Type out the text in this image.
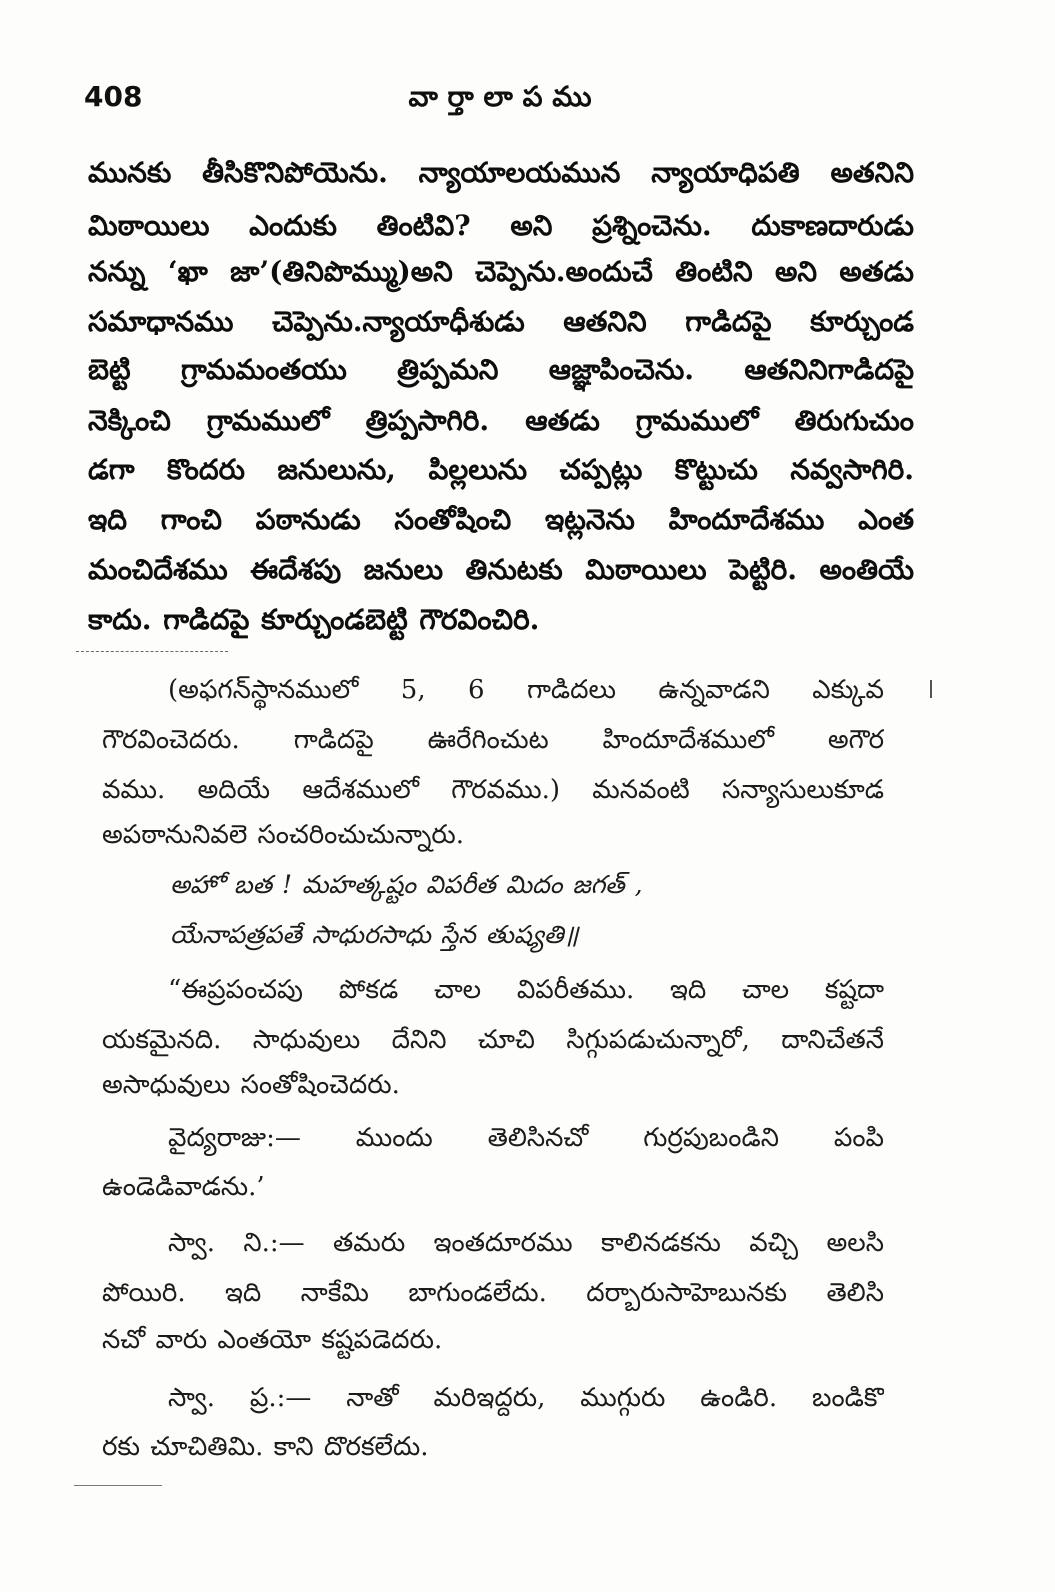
408	వా ర్తా లా ప ము
మునకు తీసికొనిపోయెను. న్యాయాలయమున న్యాయాధిపతి అతనిని
మిఠాయిలు ఎందుకు తింటివి? అని ప్రశ్నించెను. దుకాణదారుడు
నన్ను ‘ఖా జా’(తినిపొమ్ము)అని చెప్పెను.అందుచే తింటిని అని అతడు
సమాధానము చెప్పెను.న్యాయాధీశుడు ఆతనిని గాడిదపై కూర్చుండ
బెట్టి గ్రామమంతయు త్రిప్పమని ఆజ్ఞాపించెను. ఆతనినిగాడిదపై
నెక్కించి గ్రామములో త్రిప్పసాగిరి. ఆతడు గ్రామములో తిరుగుచుం
డగా కొందరు జనులును, పిల్లలును చప్పట్లు కొట్టుచు నవ్వసాగిరి.
ఇది గాంచి పఠానుడు సంతోషించి ఇట్లనెను హిందూదేశము ఎంత
మంచిదేశము ఈదేశపు జనులు తినుటకు మిఠాయిలు పెట్టిరి. అంతియే
కాదు. గాడిదపై కూర్చుండబెట్టి గౌరవించిరి.
(అఫగన్‌స్థానములో 5, 6 గాడిదలు ఉన్నవాడని ఎక్కువ
గౌరవించెదరు. గాడిదపై ఊరేగించుట హిందూదేశములో అగౌర
వము. అదియే ఆదేశములో గౌరవము.) మనవంటి సన్యాసులుకూడ
అపఠానునివలె సంచరించుచున్నారు.
అహో బత ! మహత్కష్టం విపరీత మిదం జగత్ ,
యేనాపత్రపతే సాధురసాధు స్తేన తుష్యతి॥
“ఈప్రపంచపు పోకడ చాల విపరీతము. ఇది చాల కష్టదా
యకమైనది. సాధువులు దేనిని చూచి సిగ్గుపడుచున్నారో, దానిచేతనే
అసాధువులు సంతోషించెదరు.
వైద్యరాజు:— ముందు తెలిసినచో గుర్రపుబండిని పంపి
ఉండెడివాడను.’
స్వా. ని.:— తమరు ఇంతదూరము కాలినడకను వచ్చి అలసి
పోయిరి. ఇది నాకేమి బాగుండలేదు. దర్బారుసాహెబునకు తెలిసి
నచో వారు ఎంతయో కష్టపడెదరు.
స్వా. ప్ర.:— నాతో మరిఇద్దరు, ముగ్గురు ఉండిరి. బండికొ
రకు చూచితిమి. కాని దొరకలేదు.
